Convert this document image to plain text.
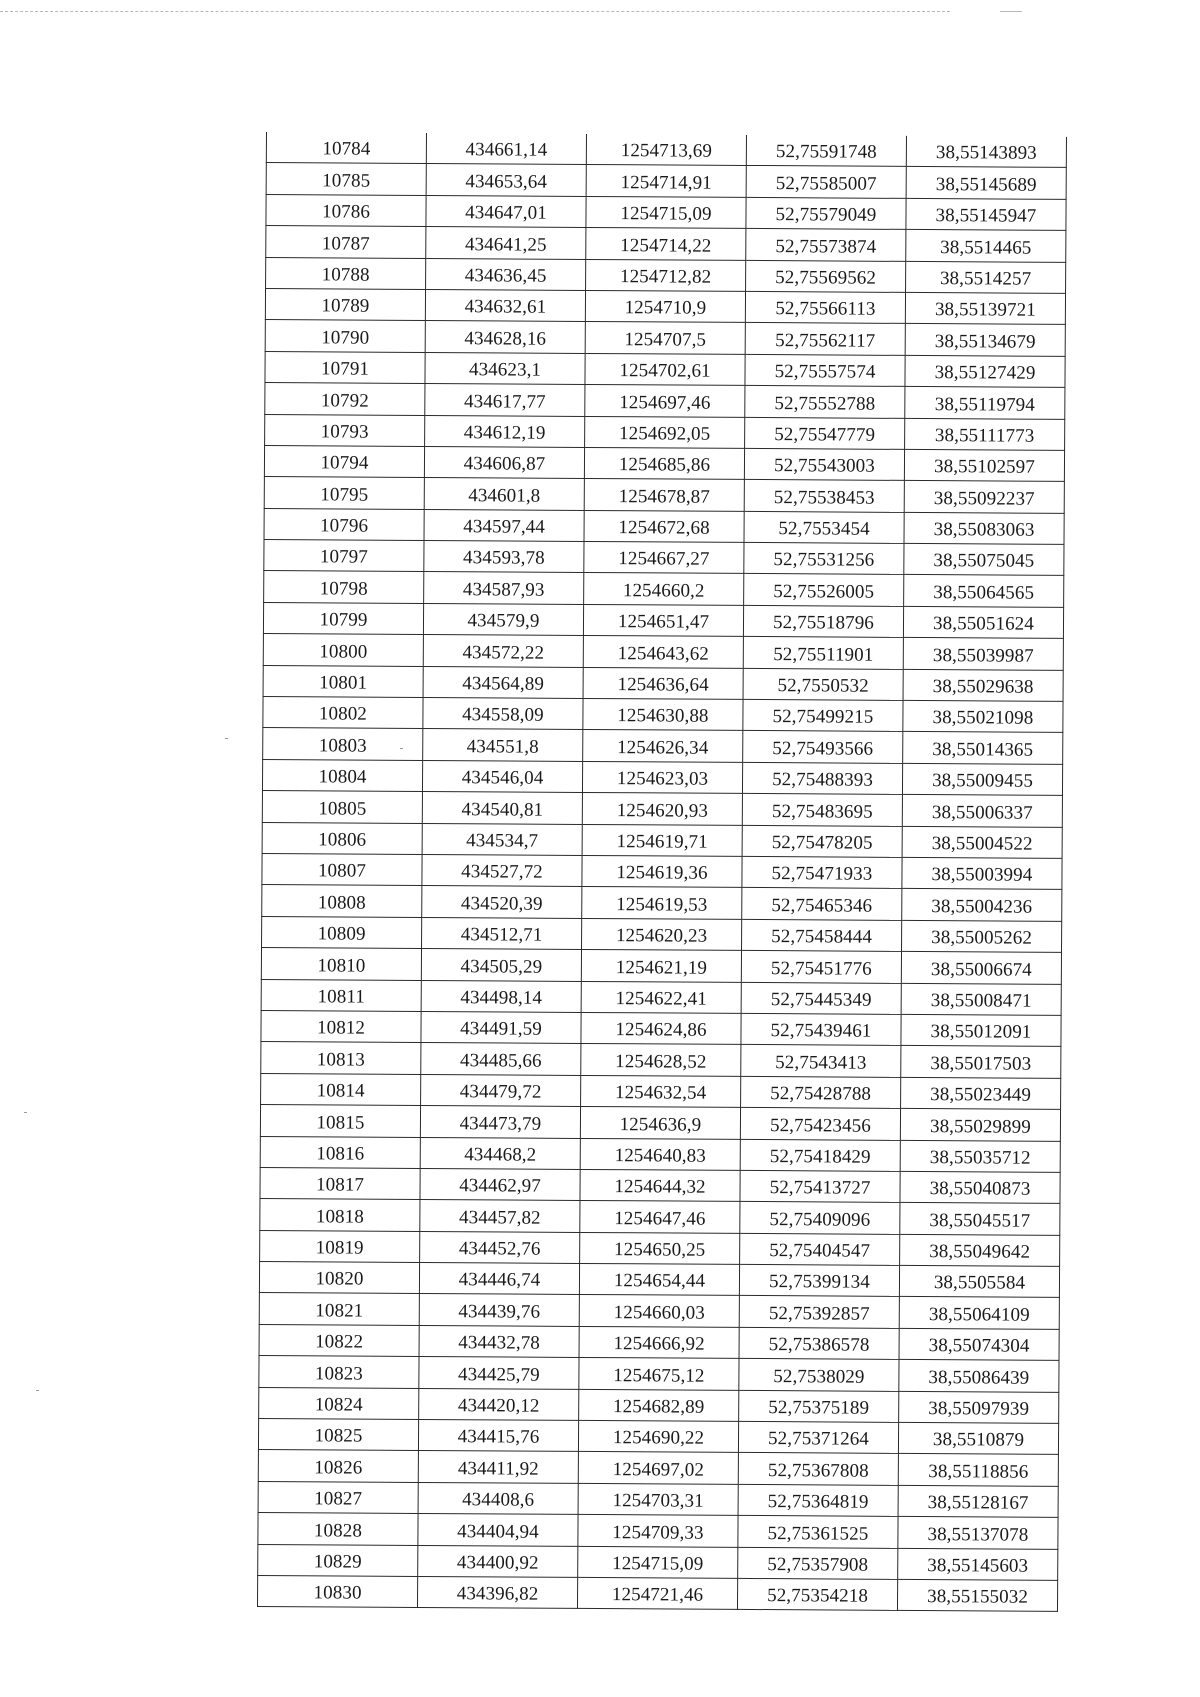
10784	434661,14	1254713,69	52,75591748	38,55143893
10785	434653,64	1254714,91	52,75585007	38,55145689
10786	434647,01	1254715,09	52,75579049	38,55145947
10787	434641,25	1254714,22	52,75573874	38,5514465
10788	434636,45	1254712,82	52,75569562	38,5514257
10789	434632,61	1254710,9	52,75566113	38,55139721
10790	434628,16	1254707,5	52,75562117	38,55134679
10791	434623,1	1254702,61	52,75557574	38,55127429
10792	434617,77	1254697,46	52,75552788	38,55119794
10793	434612,19	1254692,05	52,75547779	38,55111773
10794	434606,87	1254685,86	52,75543003	38,55102597
10795	434601,8	1254678,87	52,75538453	38,55092237
10796	434597,44	1254672,68	52,7553454	38,55083063
10797	434593,78	1254667,27	52,75531256	38,55075045
10798	434587,93	1254660,2	52,75526005	38,55064565
10799	434579,9	1254651,47	52,75518796	38,55051624
10800	434572,22	1254643,62	52,75511901	38,55039987
10801	434564,89	1254636,64	52,7550532	38,55029638
10802	434558,09	1254630,88	52,75499215	38,55021098
10803	434551,8	1254626,34	52,75493566	38,55014365
10804	434546,04	1254623,03	52,75488393	38,55009455
10805	434540,81	1254620,93	52,75483695	38,55006337
10806	434534,7	1254619,71	52,75478205	38,55004522
10807	434527,72	1254619,36	52,75471933	38,55003994
10808	434520,39	1254619,53	52,75465346	38,55004236
10809	434512,71	1254620,23	52,75458444	38,55005262
10810	434505,29	1254621,19	52,75451776	38,55006674
10811	434498,14	1254622,41	52,75445349	38,55008471
10812	434491,59	1254624,86	52,75439461	38,55012091
10813	434485,66	1254628,52	52,7543413	38,55017503
10814	434479,72	1254632,54	52,75428788	38,55023449
10815	434473,79	1254636,9	52,75423456	38,55029899
10816	434468,2	1254640,83	52,75418429	38,55035712
10817	434462,97	1254644,32	52,75413727	38,55040873
10818	434457,82	1254647,46	52,75409096	38,55045517
10819	434452,76	1254650,25	52,75404547	38,55049642
10820	434446,74	1254654,44	52,75399134	38,5505584
10821	434439,76	1254660,03	52,75392857	38,55064109
10822	434432,78	1254666,92	52,75386578	38,55074304
10823	434425,79	1254675,12	52,7538029	38,55086439
10824	434420,12	1254682,89	52,75375189	38,55097939
10825	434415,76	1254690,22	52,75371264	38,5510879
10826	434411,92	1254697,02	52,75367808	38,55118856
10827	434408,6	1254703,31	52,75364819	38,55128167
10828	434404,94	1254709,33	52,75361525	38,55137078
10829	434400,92	1254715,09	52,75357908	38,55145603
10830	434396,82	1254721,46	52,75354218	38,55155032
